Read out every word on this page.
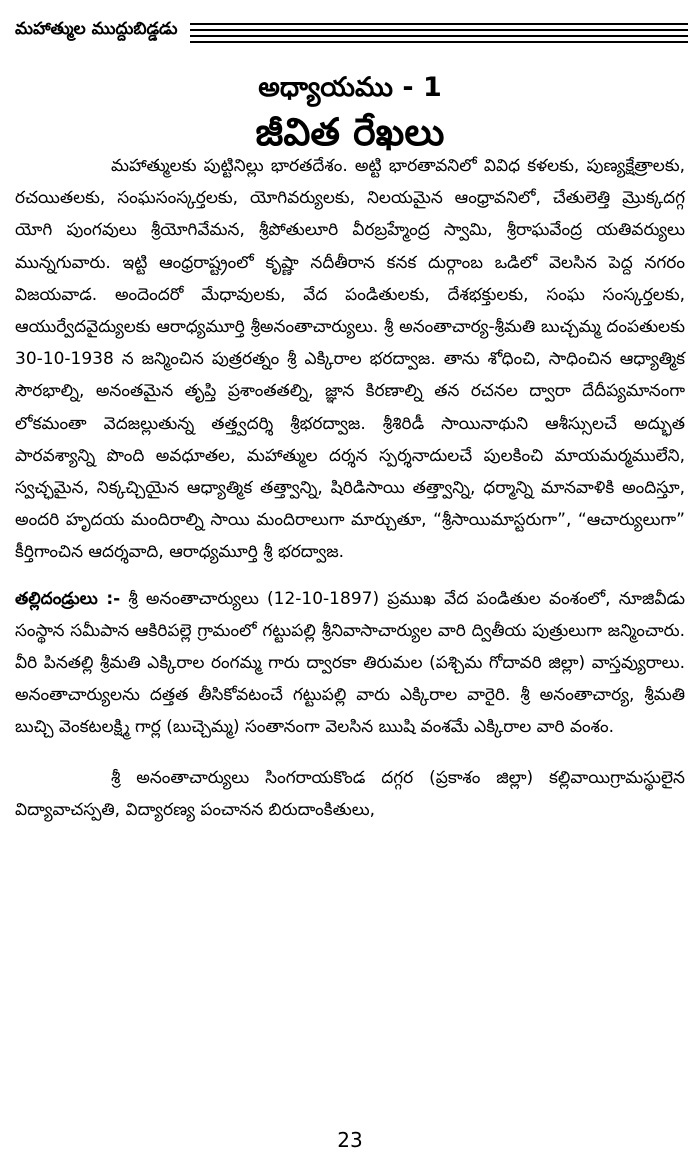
మహాత్ముల ముద్దుబిడ్డడు
అధ్యాయము - 1
జీవిత రేఖలు

మహాత్ములకు పుట్టినిల్లు భారతదేశం. అట్టి భారతావనిలో వివిధ కళలకు, పుణ్యక్షేత్రాలకు, రచయితలకు, సంఘసంస్కర్తలకు, యోగివర్యులకు, నిలయమైన ఆంధ్రావనిలో, చేతులెత్తి మ్రొక్కదగ్గ యోగి పుంగవులు శ్రీయోగివేమన, శ్రీపోతులూరి వీరబ్రహ్మేంద్ర స్వామి, శ్రీరాఘవేంద్ర యతివర్యులు మున్నగువారు. ఇట్టి ఆంధ్రరాష్ట్రంలో కృష్ణా నదీతీరాన కనక దుర్గాంబ ఒడిలో వెలసిన పెద్ద నగరం విజయవాడ. అందెందరో మేధావులకు, వేద పండితులకు, దేశభక్తులకు, సంఘ సంస్కర్తలకు, ఆయుర్వేదవైద్యులకు ఆరాధ్యమూర్తి శ్రీఅనంతాచార్యులు. శ్రీ అనంతాచార్య-శ్రీమతి బుచ్చమ్మ దంపతులకు 30-10-1938 న జన్మించిన పుత్రరత్నం శ్రీ ఎక్కిరాల భరద్వాజ. తాను శోధించి, సాధించిన ఆధ్యాత్మిక సౌరభాల్ని, అనంతమైన తృప్తి ప్రశాంతతల్ని, జ్ఞాన కిరణాల్ని తన రచనల ద్వారా దేదీప్యమానంగా లోకమంతా వెదజల్లుతున్న తత్త్వదర్శి శ్రీభరద్వాజ. శ్రీశిరిడీ సాయినాథుని ఆశీస్సులచే అద్భుత పారవశ్యాన్ని పొంది అవధూతల, మహాత్ముల దర్శన స్పర్శనాదులచే పులకించి మాయమర్మములేని, స్వచ్ఛమైన, నిక్కచ్చియైన ఆధ్యాత్మిక తత్త్వాన్ని, షిరిడిసాయి తత్త్వాన్ని, ధర్మాన్ని మానవాళికి అందిస్తూ, అందరి హృదయ మందిరాల్ని సాయి మందిరాలుగా మార్చుతూ, “శ్రీసాయిమాస్టరుగా”, “ఆచార్యులుగా” కీర్తిగాంచిన ఆదర్శవాది, ఆరాధ్యమూర్తి శ్రీ భరద్వాజ.

తల్లిదండ్రులు :- శ్రీ అనంతాచార్యులు (12-10-1897) ప్రముఖ వేద పండితుల వంశంలో, నూజివీడు సంస్థాన సమీపాన ఆకిరిపల్లె గ్రామంలో గట్టుపల్లి శ్రీనివాసాచార్యుల వారి ద్వితీయ పుత్రులుగా జన్మించారు. వీరి పినతల్లి శ్రీమతి ఎక్కిరాల రంగమ్మ గారు ద్వారకా తిరుమల (పశ్చిమ గోదావరి జిల్లా) వాస్తవ్యురాలు. అనంతాచార్యులను దత్తత తీసికోవటంచే గట్టుపల్లి వారు ఎక్కిరాల వారైరి. శ్రీ అనంతాచార్య, శ్రీమతి బుచ్చి వెంకటలక్ష్మి గార్ల (బుచ్చెమ్మ) సంతానంగా వెలసిన ఋషి వంశమే ఎక్కిరాల వారి వంశం.

శ్రీ అనంతాచార్యులు సింగరాయకొండ దగ్గర (ప్రకాశం జిల్లా) కల్లివాయిగ్రామస్థులైన విద్యావాచస్పతి, విద్యారణ్య పంచానన బిరుదాంకితులు,

23
